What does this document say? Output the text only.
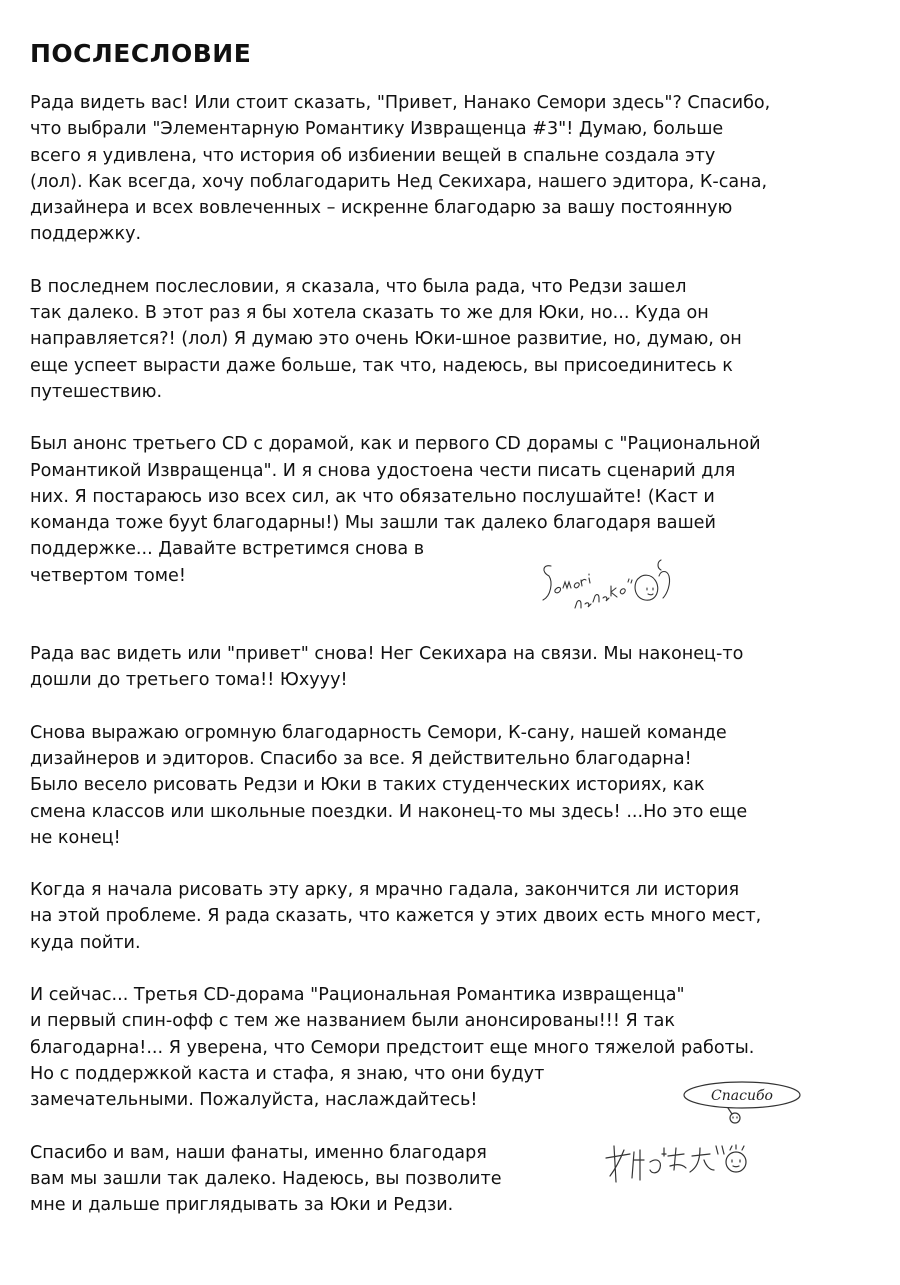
ПОСЛЕСЛОВИЕ
Рада видеть вас! Или стоит сказать, "Привет, Нанако Семори здесь"? Спасибо,
что выбрали "Элементарную Романтику Извращенца #3"! Думаю, больше
всего я удивлена, что история об избиении вещей в спальне создала эту
(лол). Как всегда, хочу поблагодарить Нед Секихара, нашего эдитора, К-сана,
дизайнера и всех вовлеченных – искренне благодарю за вашу постоянную
поддержку.
В последнем послесловии, я сказала, что была рада, что Редзи зашел
так далеко. В этот раз я бы хотела сказать то же для Юки, но... Куда он
направляется?! (лол) Я думаю это очень Юки-шное развитие, но, думаю, он
еще успеет вырасти даже больше, так что, надеюсь, вы присоединитесь к
путешествию.
Был анонс третьего CD с дорамой, как и первого CD дорамы с "Рациональной
Романтикой Извращенца". И я снова удостоена чести писать сценарий для
них. Я постараюсь изо всех сил, ак что обязательно послушайте! (Каст и
команда тоже бууt благодарны!) Мы зашли так далеко благодаря вашей
поддержке... Давайте встретимся снова в
четвертом томе!
Рада вас видеть или "привет" снова! Нег Секихара на связи. Мы наконец-то
дошли до третьего тома!! Юхууу!
Снова выражаю огромную благодарность Семори, К-сану, нашей команде
дизайнеров и эдиторов. Спасибо за все. Я действительно благодарна!
Было весело рисовать Редзи и Юки в таких студенческих историях, как
смена классов или школьные поездки. И наконец-то мы здесь! ...Но это еще
не конец!
Когда я начала рисовать эту арку, я мрачно гадала, закончится ли история
на этой проблеме. Я рада сказать, что кажется у этих двоих есть много мест,
куда пойти.
И сейчас... Третья CD-дорама "Рациональная Романтика извращенца"
и первый спин-офф с тем же названием были анонсированы!!! Я так
благодарна!... Я уверена, что Семори предстоит еще много тяжелой работы.
Но с поддержкой каста и стафа, я знаю, что они будут
замечательными. Пожалуйста, наслаждайтесь!
Спасибо и вам, наши фанаты, именно благодаря
вам мы зашли так далеко. Надеюсь, вы позволите
мне и дальше приглядывать за Юки и Редзи.
Спасибо
